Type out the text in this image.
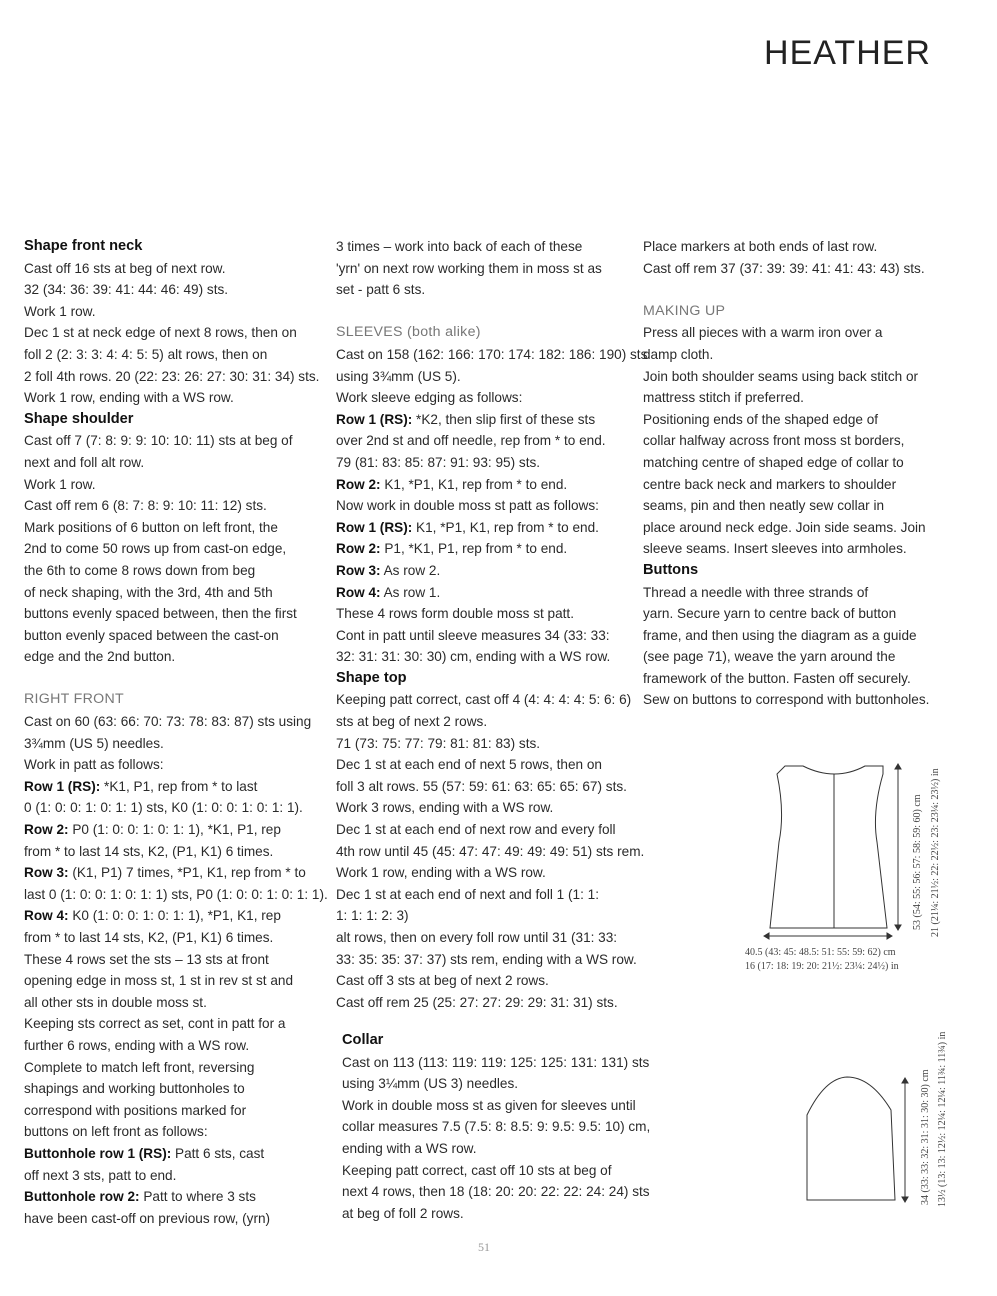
HEATHER
Shape front neck
Cast off 16 sts at beg of next row.
32 (34: 36: 39: 41: 44: 46: 49) sts.
Work 1 row.
Dec 1 st at neck edge of next 8 rows, then on
foll 2 (2: 3: 3: 4: 4: 5: 5) alt rows, then on
2 foll 4th rows. 20 (22: 23: 26: 27: 30: 31: 34) sts.
Work 1 row, ending with a WS row.
Shape shoulder
Cast off 7 (7: 8: 9: 9: 10: 10: 11) sts at beg of
next and foll alt row.
Work 1 row.
Cast off rem 6 (8: 7: 8: 9: 10: 11: 12) sts.
Mark positions of 6 button on left front, the
2nd to come 50 rows up from cast-on edge,
the 6th to come 8 rows down from beg
of neck shaping, with the 3rd, 4th and 5th
buttons evenly spaced between, then the first
button evenly spaced between the cast-on
edge and the 2nd button.
RIGHT FRONT
Cast on 60 (63: 66: 70: 73: 78: 83: 87) sts using
3¾mm (US 5) needles.
Work in patt as follows:
Row 1 (RS): *K1, P1, rep from * to last
0 (1: 0: 0: 1: 0: 1: 1) sts, K0 (1: 0: 0: 1: 0: 1: 1).
Row 2: P0 (1: 0: 0: 1: 0: 1: 1), *K1, P1, rep
from * to last 14 sts, K2, (P1, K1) 6 times.
Row 3: (K1, P1) 7 times, *P1, K1, rep from * to
last 0 (1: 0: 0: 1: 0: 1: 1) sts, P0 (1: 0: 0: 1: 0: 1: 1).
Row 4: K0 (1: 0: 0: 1: 0: 1: 1), *P1, K1, rep
from * to last 14 sts, K2, (P1, K1) 6 times.
These 4 rows set the sts – 13 sts at front
opening edge in moss st, 1 st in rev st st and
all other sts in double moss st.
Keeping sts correct as set, cont in patt for a
further 6 rows, ending with a WS row.
Complete to match left front, reversing
shapings and working buttonholes to
correspond with positions marked for
buttons on left front as follows:
Buttonhole row 1 (RS): Patt 6 sts, cast
off next 3 sts, patt to end.
Buttonhole row 2: Patt to where 3 sts
have been cast-off on previous row, (yrn)
3 times – work into back of each of these
'yrn' on next row working them in moss st as
set - patt 6 sts.
SLEEVES (both alike)
Cast on 158 (162: 166: 170: 174: 182: 186: 190) sts
using 3¾mm (US 5).
Work sleeve edging as follows:
Row 1 (RS): *K2, then slip first of these sts
over 2nd st and off needle, rep from * to end.
79 (81: 83: 85: 87: 91: 93: 95) sts.
Row 2: K1, *P1, K1, rep from * to end.
Now work in double moss st patt as follows:
Row 1 (RS): K1, *P1, K1, rep from * to end.
Row 2: P1, *K1, P1, rep from * to end.
Row 3: As row 2.
Row 4: As row 1.
These 4 rows form double moss st patt.
Cont in patt until sleeve measures 34 (33: 33:
32: 31: 31: 30: 30) cm, ending with a WS row.
Shape top
Keeping patt correct, cast off 4 (4: 4: 4: 4: 5: 6: 6)
sts at beg of next 2 rows.
71 (73: 75: 77: 79: 81: 81: 83) sts.
Dec 1 st at each end of next 5 rows, then on
foll 3 alt rows. 55 (57: 59: 61: 63: 65: 65: 67) sts.
Work 3 rows, ending with a WS row.
Dec 1 st at each end of next row and every foll
4th row until 45 (45: 47: 47: 49: 49: 49: 51) sts rem.
Work 1 row, ending with a WS row.
Dec 1 st at each end of next and foll 1 (1: 1:
1: 1: 1: 2: 3)
alt rows, then on every foll row until 31 (31: 33:
33: 35: 35: 37: 37) sts rem, ending with a WS row.
Cast off 3 sts at beg of next 2 rows.
Cast off rem 25 (25: 27: 27: 29: 29: 31: 31) sts.
Collar
Cast on 113 (113: 119: 119: 125: 125: 131: 131) sts
using 3¼mm (US 3) needles.
Work in double moss st as given for sleeves until
collar measures 7.5 (7.5: 8: 8.5: 9: 9.5: 9.5: 10) cm,
ending with a WS row.
Keeping patt correct, cast off 10 sts at beg of
next 4 rows, then 18 (18: 20: 20: 22: 22: 24: 24) sts
at beg of foll 2 rows.
Place markers at both ends of last row.
Cast off rem 37 (37: 39: 39: 41: 41: 43: 43) sts.
MAKING UP
Press all pieces with a warm iron over a
damp cloth.
Join both shoulder seams using back stitch or
mattress stitch if preferred.
Positioning ends of the shaped edge of
collar halfway across front moss st borders,
matching centre of shaped edge of collar to
centre back neck and markers to shoulder
seams, pin and then neatly sew collar in
place around neck edge. Join side seams. Join
sleeve seams. Insert sleeves into armholes.
Buttons
Thread a needle with three strands of
yarn. Secure yarn to centre back of button
frame, and then using the diagram as a guide
(see page 71), weave the yarn around the
framework of the button. Fasten off securely.
Sew on buttons to correspond with buttonholes.
40.5 (43: 45: 48.5: 51: 55: 59: 62) cm
16 (17: 18: 19: 20: 21½: 23¼: 24½) in
53 (54: 55: 56: 57: 58: 59: 60) cm 21 (21¼: 21½: 22: 22½: 23: 23¼: 23½) in
34 (33: 33: 32: 31: 31: 30: 30) cm 13½ (13: 13: 12½: 12¼: 12¼: 11¾: 11¾) in
51
